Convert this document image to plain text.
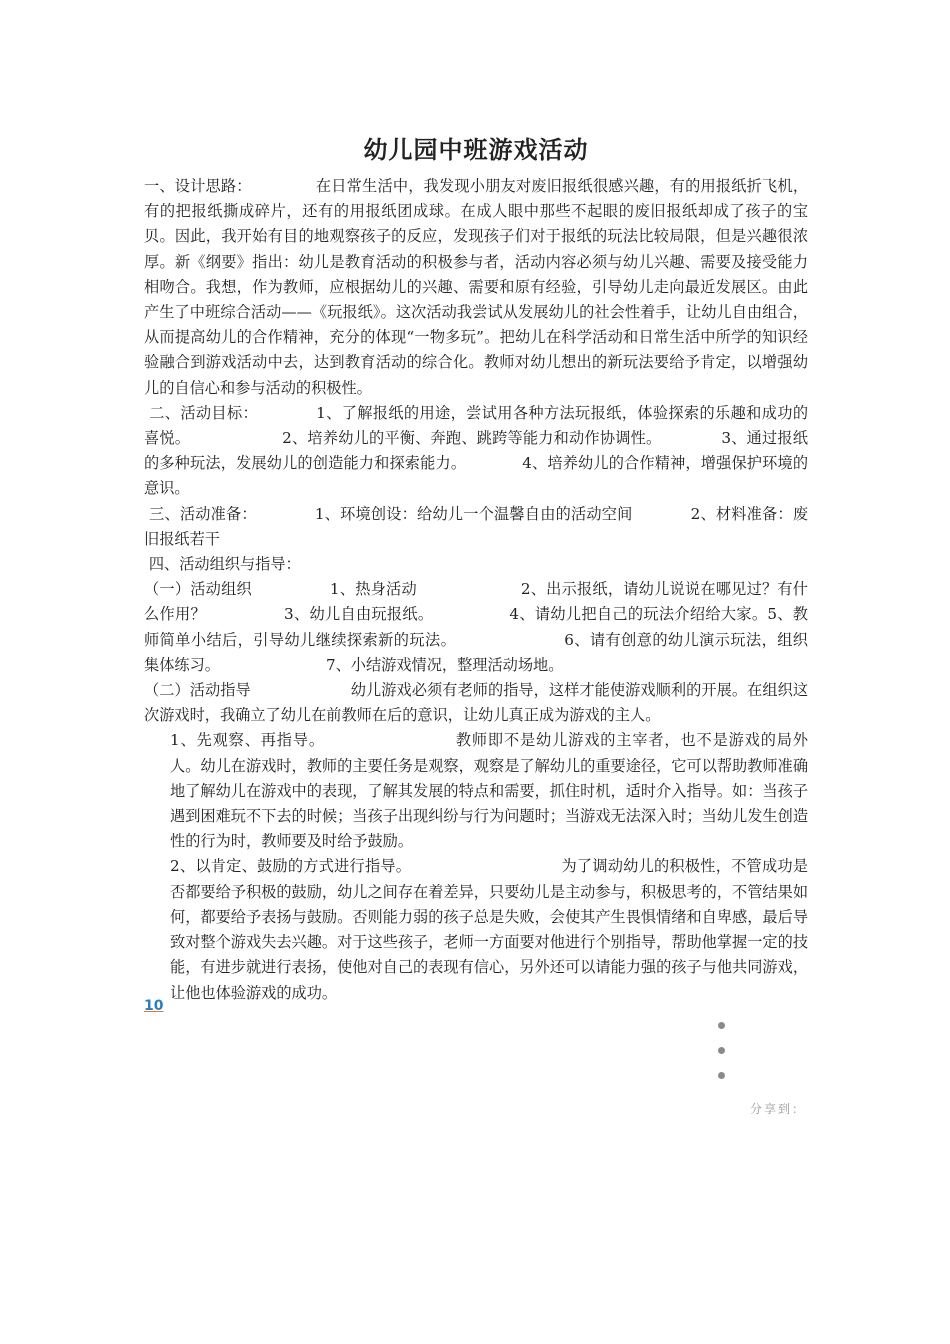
幼儿园中班游戏活动

一、设计思路：	在日常生活中，我发现小朋友对废旧报纸很感兴趣，有的用报纸折飞机，有的把报纸撕成碎片，还有的用报纸团成球。在成人眼中那些不起眼的废旧报纸却成了孩子的宝贝。因此，我开始有目的地观察孩子的反应，发现孩子们对于报纸的玩法比较局限，但是兴趣很浓厚。新《纲要》指出：幼儿是教育活动的积极参与者，活动内容必须与幼儿兴趣、需要及接受能力相吻合。我想，作为教师，应根据幼儿的兴趣、需要和原有经验，引导幼儿走向最近发展区。由此产生了中班综合活动——《玩报纸》。这次活动我尝试从发展幼儿的社会性着手，让幼儿自由组合，从而提高幼儿的合作精神，充分的体现“一物多玩”。把幼儿在科学活动和日常生活中所学的知识经验融合到游戏活动中去，达到教育活动的综合化。教师对幼儿想出的新玩法要给予肯定，以增强幼儿的自信心和参与活动的积极性。

二、活动目标：	1、了解报纸的用途，尝试用各种方法玩报纸，体验探索的乐趣和成功的喜悦。	2、培养幼儿的平衡、奔跑、跳跨等能力和动作协调性。	3、通过报纸的多种玩法，发展幼儿的创造能力和探索能力。	4、培养幼儿的合作精神，增强保护环境的意识。

三、活动准备：	1、环境创设：给幼儿一个温馨自由的活动空间	2、材料准备：废旧报纸若干

四、活动组织与指导：

（一）活动组织	1、热身活动	2、出示报纸，请幼儿说说在哪见过？有什么作用？	3、幼儿自由玩报纸。	4、请幼儿把自己的玩法介绍给大家。5、教师简单小结后，引导幼儿继续探索新的玩法。	6、请有创意的幼儿演示玩法，组织集体练习。	7、小结游戏情况，整理活动场地。

（二）活动指导	幼儿游戏必须有老师的指导，这样才能使游戏顺利的开展。在组织这次游戏时，我确立了幼儿在前教师在后的意识，让幼儿真正成为游戏的主人。

1、先观察、再指导。	教师即不是幼儿游戏的主宰者，也不是游戏的局外人。幼儿在游戏时，教师的主要任务是观察，观察是了解幼儿的重要途径，它可以帮助教师准确地了解幼儿在游戏中的表现，了解其发展的特点和需要，抓住时机，适时介入指导。如：当孩子遇到困难玩不下去的时候；当孩子出现纠纷与行为问题时；当游戏无法深入时；当幼儿发生创造性的行为时，教师要及时给予鼓励。

2、以肯定、鼓励的方式进行指导。	为了调动幼儿的积极性，不管成功是否都要给予积极的鼓励，幼儿之间存在着差异，只要幼儿是主动参与，积极思考的，不管结果如何，都要给予表扬与鼓励。否则能力弱的孩子总是失败，会使其产生畏惧情绪和自卑感，最后导致对整个游戏失去兴趣。对于这些孩子，老师一方面要对他进行个别指导，帮助他掌握一定的技能，有进步就进行表扬，使他对自己的表现有信心，另外还可以请能力强的孩子与他共同游戏，让他也体验游戏的成功。

10
分享到：
